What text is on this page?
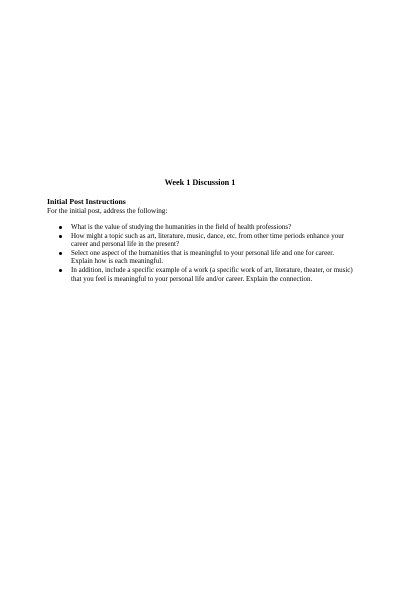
Week 1 Discussion 1
Initial Post Instructions
For the initial post, address the following:
What is the value of studying the humanities in the field of health professions?
How might a topic such as art, literature, music, dance, etc. from other time periods enhance your career and personal life in the present?
Select one aspect of the humanities that is meaningful to your personal life and one for career. Explain how is each meaningful.
In addition, include a specific example of a work (a specific work of art, literature, theater, or music) that you feel is meaningful to your personal life and/or career. Explain the connection.
